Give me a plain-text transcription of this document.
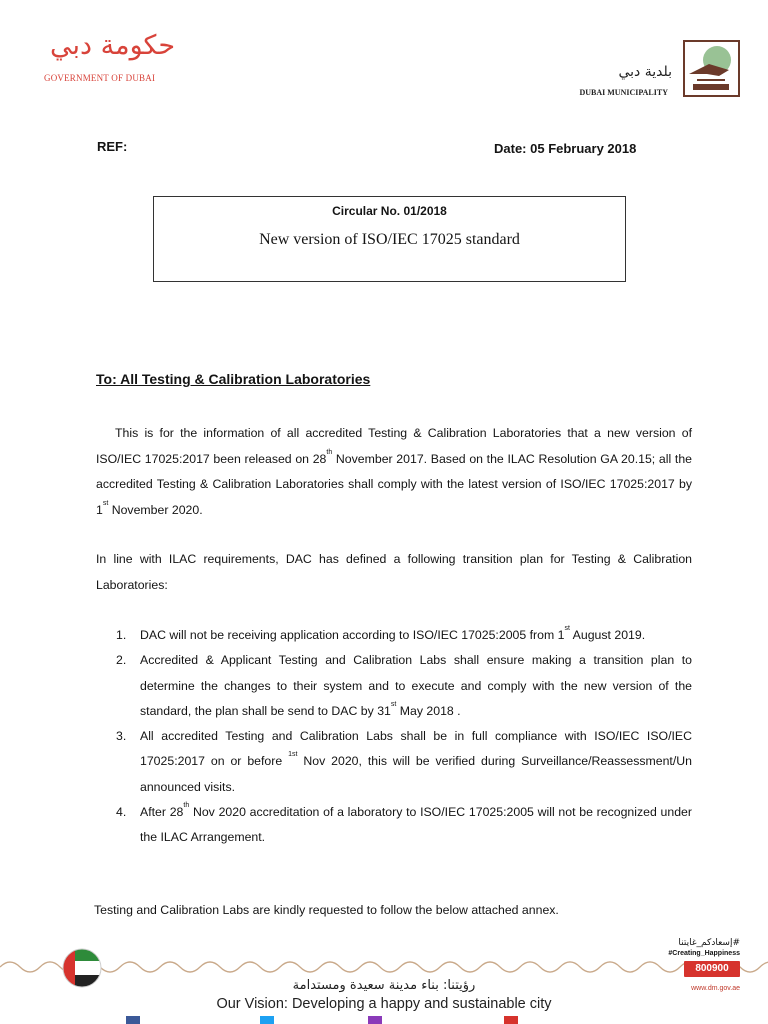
حكومة دبي
GOVERNMENT OF DUBAI	بلدية دبي
DUBAI MUNICIPALITY
REF:	Date: 05 February 2018
Circular No. 01/2018
New version of ISO/IEC 17025 standard
To: All Testing & Calibration Laboratories
This is for the information of all accredited Testing & Calibration Laboratories that a new version of ISO/IEC 17025:2017 been released on 28th November 2017. Based on the ILAC Resolution GA 20.15; all the accredited Testing & Calibration Laboratories shall comply with the latest version of ISO/IEC 17025:2017 by 1st November 2020.
In line with ILAC requirements, DAC has defined a following transition plan for Testing & Calibration Laboratories:
1. DAC will not be receiving application according to ISO/IEC 17025:2005 from 1st August 2019.
2. Accredited & Applicant Testing and Calibration Labs shall ensure making a transition plan to determine the changes to their system and to execute and comply with the new version of the standard, the plan shall be send to DAC by 31st May 2018 .
3. All accredited Testing and Calibration Labs shall be in full compliance with ISO/IEC ISO/IEC 17025:2017 on or before $^{1st}$ Nov 2020, this will be verified during Surveillance/Reassessment/Un announced visits.
4. After 28th Nov 2020 accreditation of a laboratory to ISO/IEC 17025:2005 will not be recognized under the ILAC Arrangement.
Testing and Calibration Labs are kindly requested to follow the below attached annex.
#إسعادكم_غايتنا
#Creating_Happiness
800900
www.dm.gov.ae
رؤيتنا: بناء مدينة سعيدة ومستدامة
Our Vision: Developing a happy and sustainable city
